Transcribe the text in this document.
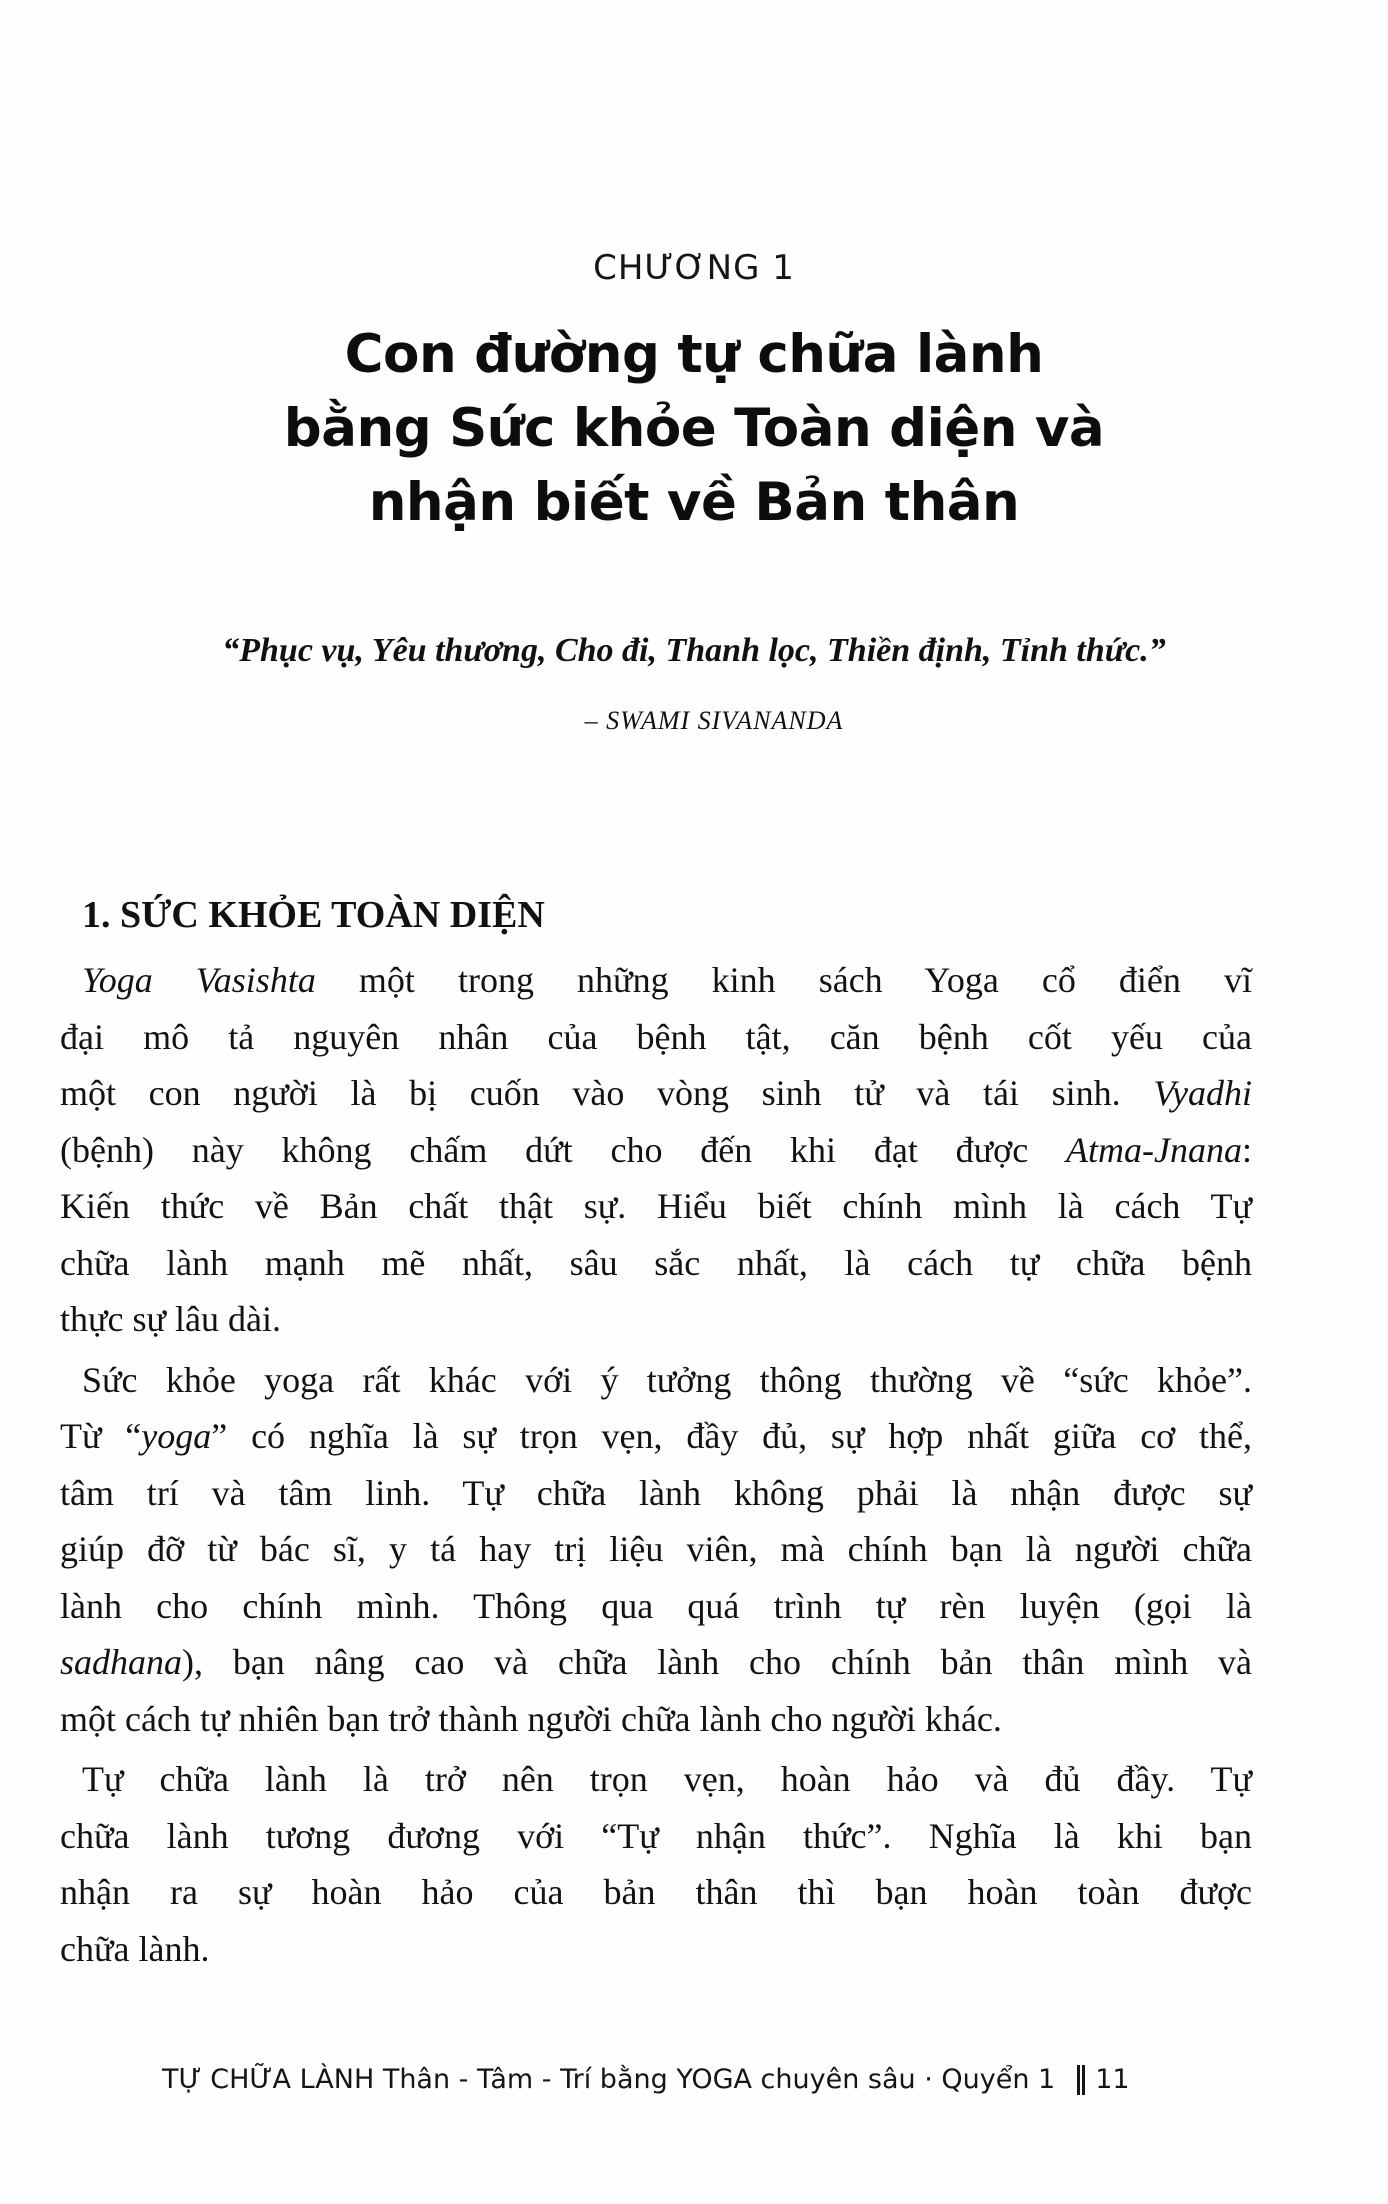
CHƯƠNG 1
Con đường tự chữa lành
bằng Sức khỏe Toàn diện và
nhận biết về Bản thân
“Phục vụ, Yêu thương, Cho đi, Thanh lọc, Thiền định, Tỉnh thức.”
– SWAMI SIVANANDA
1. SỨC KHỎE TOÀN DIỆN
Yoga Vasishta một trong những kinh sách Yoga cổ điển vĩ
đại mô tả nguyên nhân của bệnh tật, căn bệnh cốt yếu của
một con người là bị cuốn vào vòng sinh tử và tái sinh. Vyadhi
(bệnh) này không chấm dứt cho đến khi đạt được Atma-Jnana:
Kiến thức về Bản chất thật sự. Hiểu biết chính mình là cách Tự
chữa lành mạnh mẽ nhất, sâu sắc nhất, là cách tự chữa bệnh
thực sự lâu dài.
Sức khỏe yoga rất khác với ý tưởng thông thường về “sức khỏe”.
Từ “yoga” có nghĩa là sự trọn vẹn, đầy đủ, sự hợp nhất giữa cơ thể,
tâm trí và tâm linh. Tự chữa lành không phải là nhận được sự
giúp đỡ từ bác sĩ, y tá hay trị liệu viên, mà chính bạn là người chữa
lành cho chính mình. Thông qua quá trình tự rèn luyện (gọi là
sadhana), bạn nâng cao và chữa lành cho chính bản thân mình và
một cách tự nhiên bạn trở thành người chữa lành cho người khác.
Tự chữa lành là trở nên trọn vẹn, hoàn hảo và đủ đầy. Tự
chữa lành tương đương với “Tự nhận thức”. Nghĩa là khi bạn
nhận ra sự hoàn hảo của bản thân thì bạn hoàn toàn được
chữa lành.
TỰ CHỮA LÀNH Thân - Tâm - Trí bằng YOGA chuyên sâu · Quyển 1 11
